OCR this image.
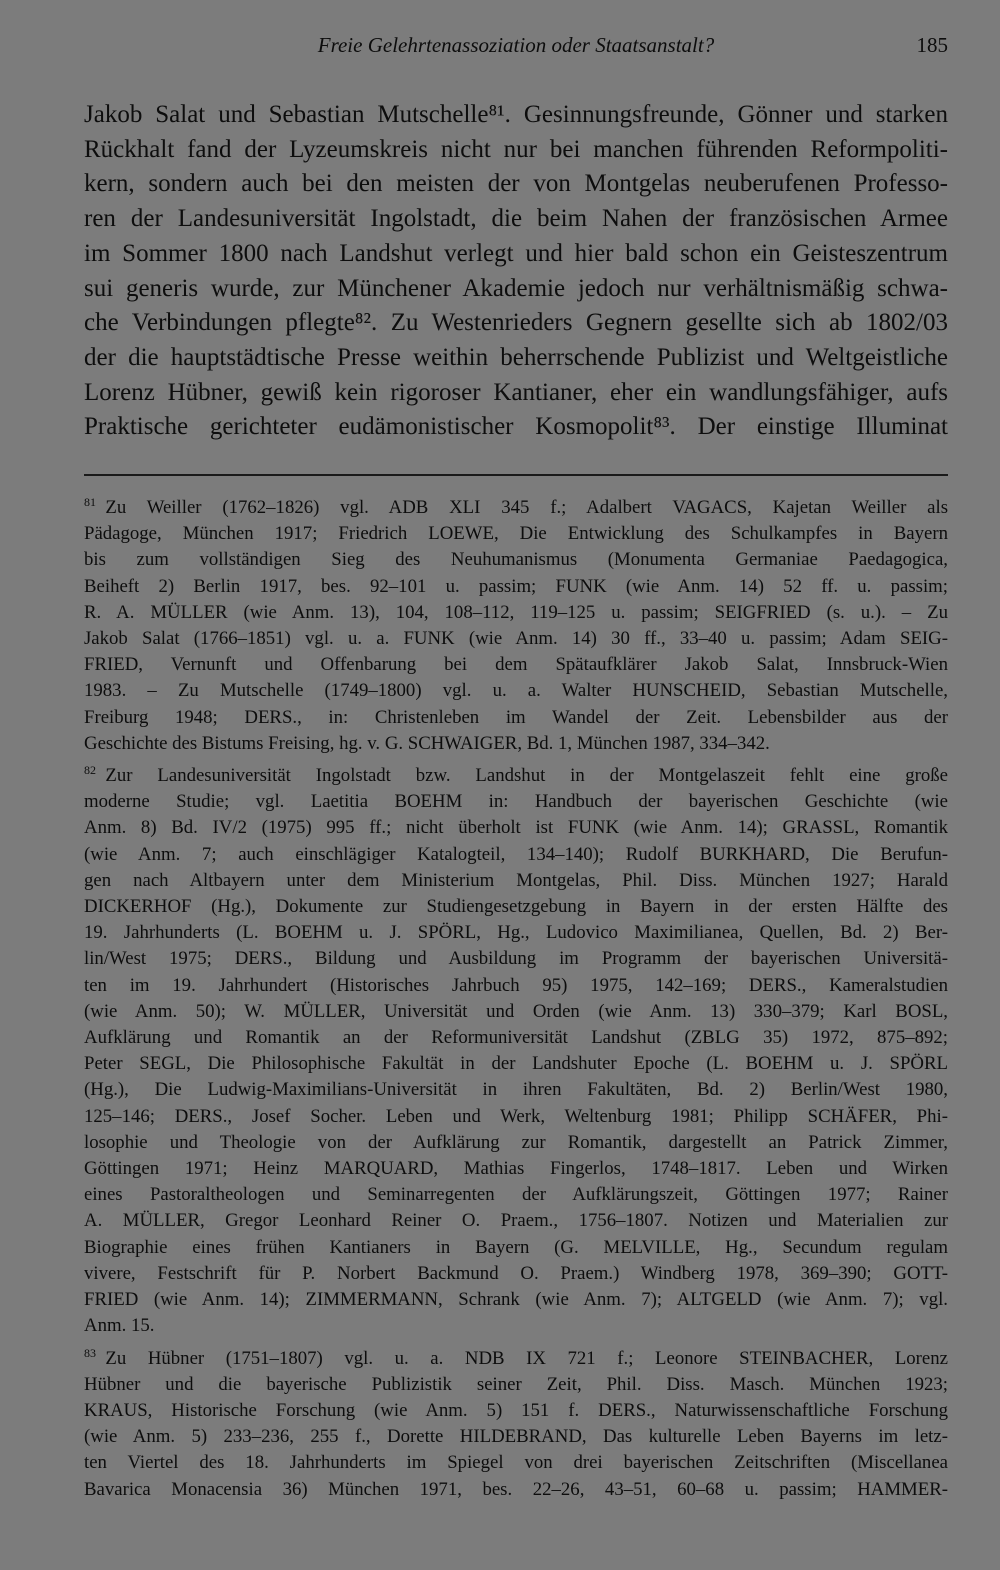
Freie Gelehrtenassoziation oder Staatsanstalt?	185
Jakob Salat und Sebastian Mutschelle⁸¹. Gesinnungsfreunde, Gönner und starken
Rückhalt fand der Lyzeumskreis nicht nur bei manchen führenden Reformpoliti-
kern, sondern auch bei den meisten der von Montgelas neuberufenen Professo-
ren der Landesuniversität Ingolstadt, die beim Nahen der französischen Armee
im Sommer 1800 nach Landshut verlegt und hier bald schon ein Geisteszentrum
sui generis wurde, zur Münchener Akademie jedoch nur verhältnismäßig schwa-
che Verbindungen pflegte⁸². Zu Westenrieders Gegnern gesellte sich ab 1802/03
der die hauptstädtische Presse weithin beherrschende Publizist und Weltgeistliche
Lorenz Hübner, gewiß kein rigoroser Kantianer, eher ein wandlungsfähiger, aufs
Praktische gerichteter eudämonistischer Kosmopolit⁸³. Der einstige Illuminat
$^{81}$  Zu Weiller (1762–1826) vgl. ADB XLI 345 f.; Adalbert VAGACS, Kajetan Weiller als
Pädagoge, München 1917; Friedrich LOEWE, Die Entwicklung des Schulkampfes in Bayern
bis zum vollständigen Sieg des Neuhumanismus (Monumenta Germaniae Paedagogica,
Beiheft 2) Berlin 1917, bes. 92–101 u. passim; FUNK (wie Anm. 14) 52 ff. u. passim;
R. A. MÜLLER (wie Anm. 13), 104, 108–112, 119–125 u. passim; SEIGFRIED (s. u.). – Zu
Jakob Salat (1766–1851) vgl. u. a. FUNK (wie Anm. 14) 30 ff., 33–40 u. passim; Adam SEIG-
FRIED, Vernunft und Offenbarung bei dem Spätaufklärer Jakob Salat, Innsbruck-Wien
1983. – Zu Mutschelle (1749–1800) vgl. u. a. Walter HUNSCHEID, Sebastian Mutschelle,
Freiburg 1948; DERS., in: Christenleben im Wandel der Zeit. Lebensbilder aus der
Geschichte des Bistums Freising, hg. v. G. SCHWAIGER, Bd. 1, München 1987, 334–342.
$^{82}$  Zur Landesuniversität Ingolstadt bzw. Landshut in der Montgelaszeit fehlt eine große
moderne Studie; vgl. Laetitia BOEHM in: Handbuch der bayerischen Geschichte (wie
Anm. 8) Bd. IV/2 (1975) 995 ff.; nicht überholt ist FUNK (wie Anm. 14); GRASSL, Romantik
(wie Anm. 7; auch einschlägiger Katalogteil, 134–140); Rudolf BURKHARD, Die Berufun-
gen nach Altbayern unter dem Ministerium Montgelas, Phil. Diss. München 1927; Harald
DICKERHOF (Hg.), Dokumente zur Studiengesetzgebung in Bayern in der ersten Hälfte des
19. Jahrhunderts (L. BOEHM u. J. SPÖRL, Hg., Ludovico Maximilianea, Quellen, Bd. 2) Ber-
lin/West 1975; DERS., Bildung und Ausbildung im Programm der bayerischen Universitä-
ten im 19. Jahrhundert (Historisches Jahrbuch 95) 1975, 142–169; DERS., Kameralstudien
(wie Anm. 50); W. MÜLLER, Universität und Orden (wie Anm. 13) 330–379; Karl BOSL,
Aufklärung und Romantik an der Reformuniversität Landshut (ZBLG 35) 1972, 875–892;
Peter SEGL, Die Philosophische Fakultät in der Landshuter Epoche (L. BOEHM u. J. SPÖRL
(Hg.), Die Ludwig-Maximilians-Universität in ihren Fakultäten, Bd. 2) Berlin/West 1980,
125–146; DERS., Josef Socher. Leben und Werk, Weltenburg 1981; Philipp SCHÄFER, Phi-
losophie und Theologie von der Aufklärung zur Romantik, dargestellt an Patrick Zimmer,
Göttingen 1971; Heinz MARQUARD, Mathias Fingerlos, 1748–1817. Leben und Wirken
eines Pastoraltheologen und Seminarregenten der Aufklärungszeit, Göttingen 1977; Rainer
A. MÜLLER, Gregor Leonhard Reiner O. Praem., 1756–1807. Notizen und Materialien zur
Biographie eines frühen Kantianers in Bayern (G. MELVILLE, Hg., Secundum regulam
vivere, Festschrift für P. Norbert Backmund O. Praem.) Windberg 1978, 369–390; GOTT-
FRIED (wie Anm. 14); ZIMMERMANN, Schrank (wie Anm. 7); ALTGELD (wie Anm. 7); vgl.
Anm. 15.
$^{83}$  Zu Hübner (1751–1807) vgl. u. a. NDB IX 721 f.; Leonore STEINBACHER, Lorenz
Hübner und die bayerische Publizistik seiner Zeit, Phil. Diss. Masch. München 1923;
KRAUS, Historische Forschung (wie Anm. 5) 151 f. DERS., Naturwissenschaftliche Forschung
(wie Anm. 5) 233–236, 255 f., Dorette HILDEBRAND, Das kulturelle Leben Bayerns im letz-
ten Viertel des 18. Jahrhunderts im Spiegel von drei bayerischen Zeitschriften (Miscellanea
Bavarica Monacensia 36) München 1971, bes. 22–26, 43–51, 60–68 u. passim; HAMMER-
